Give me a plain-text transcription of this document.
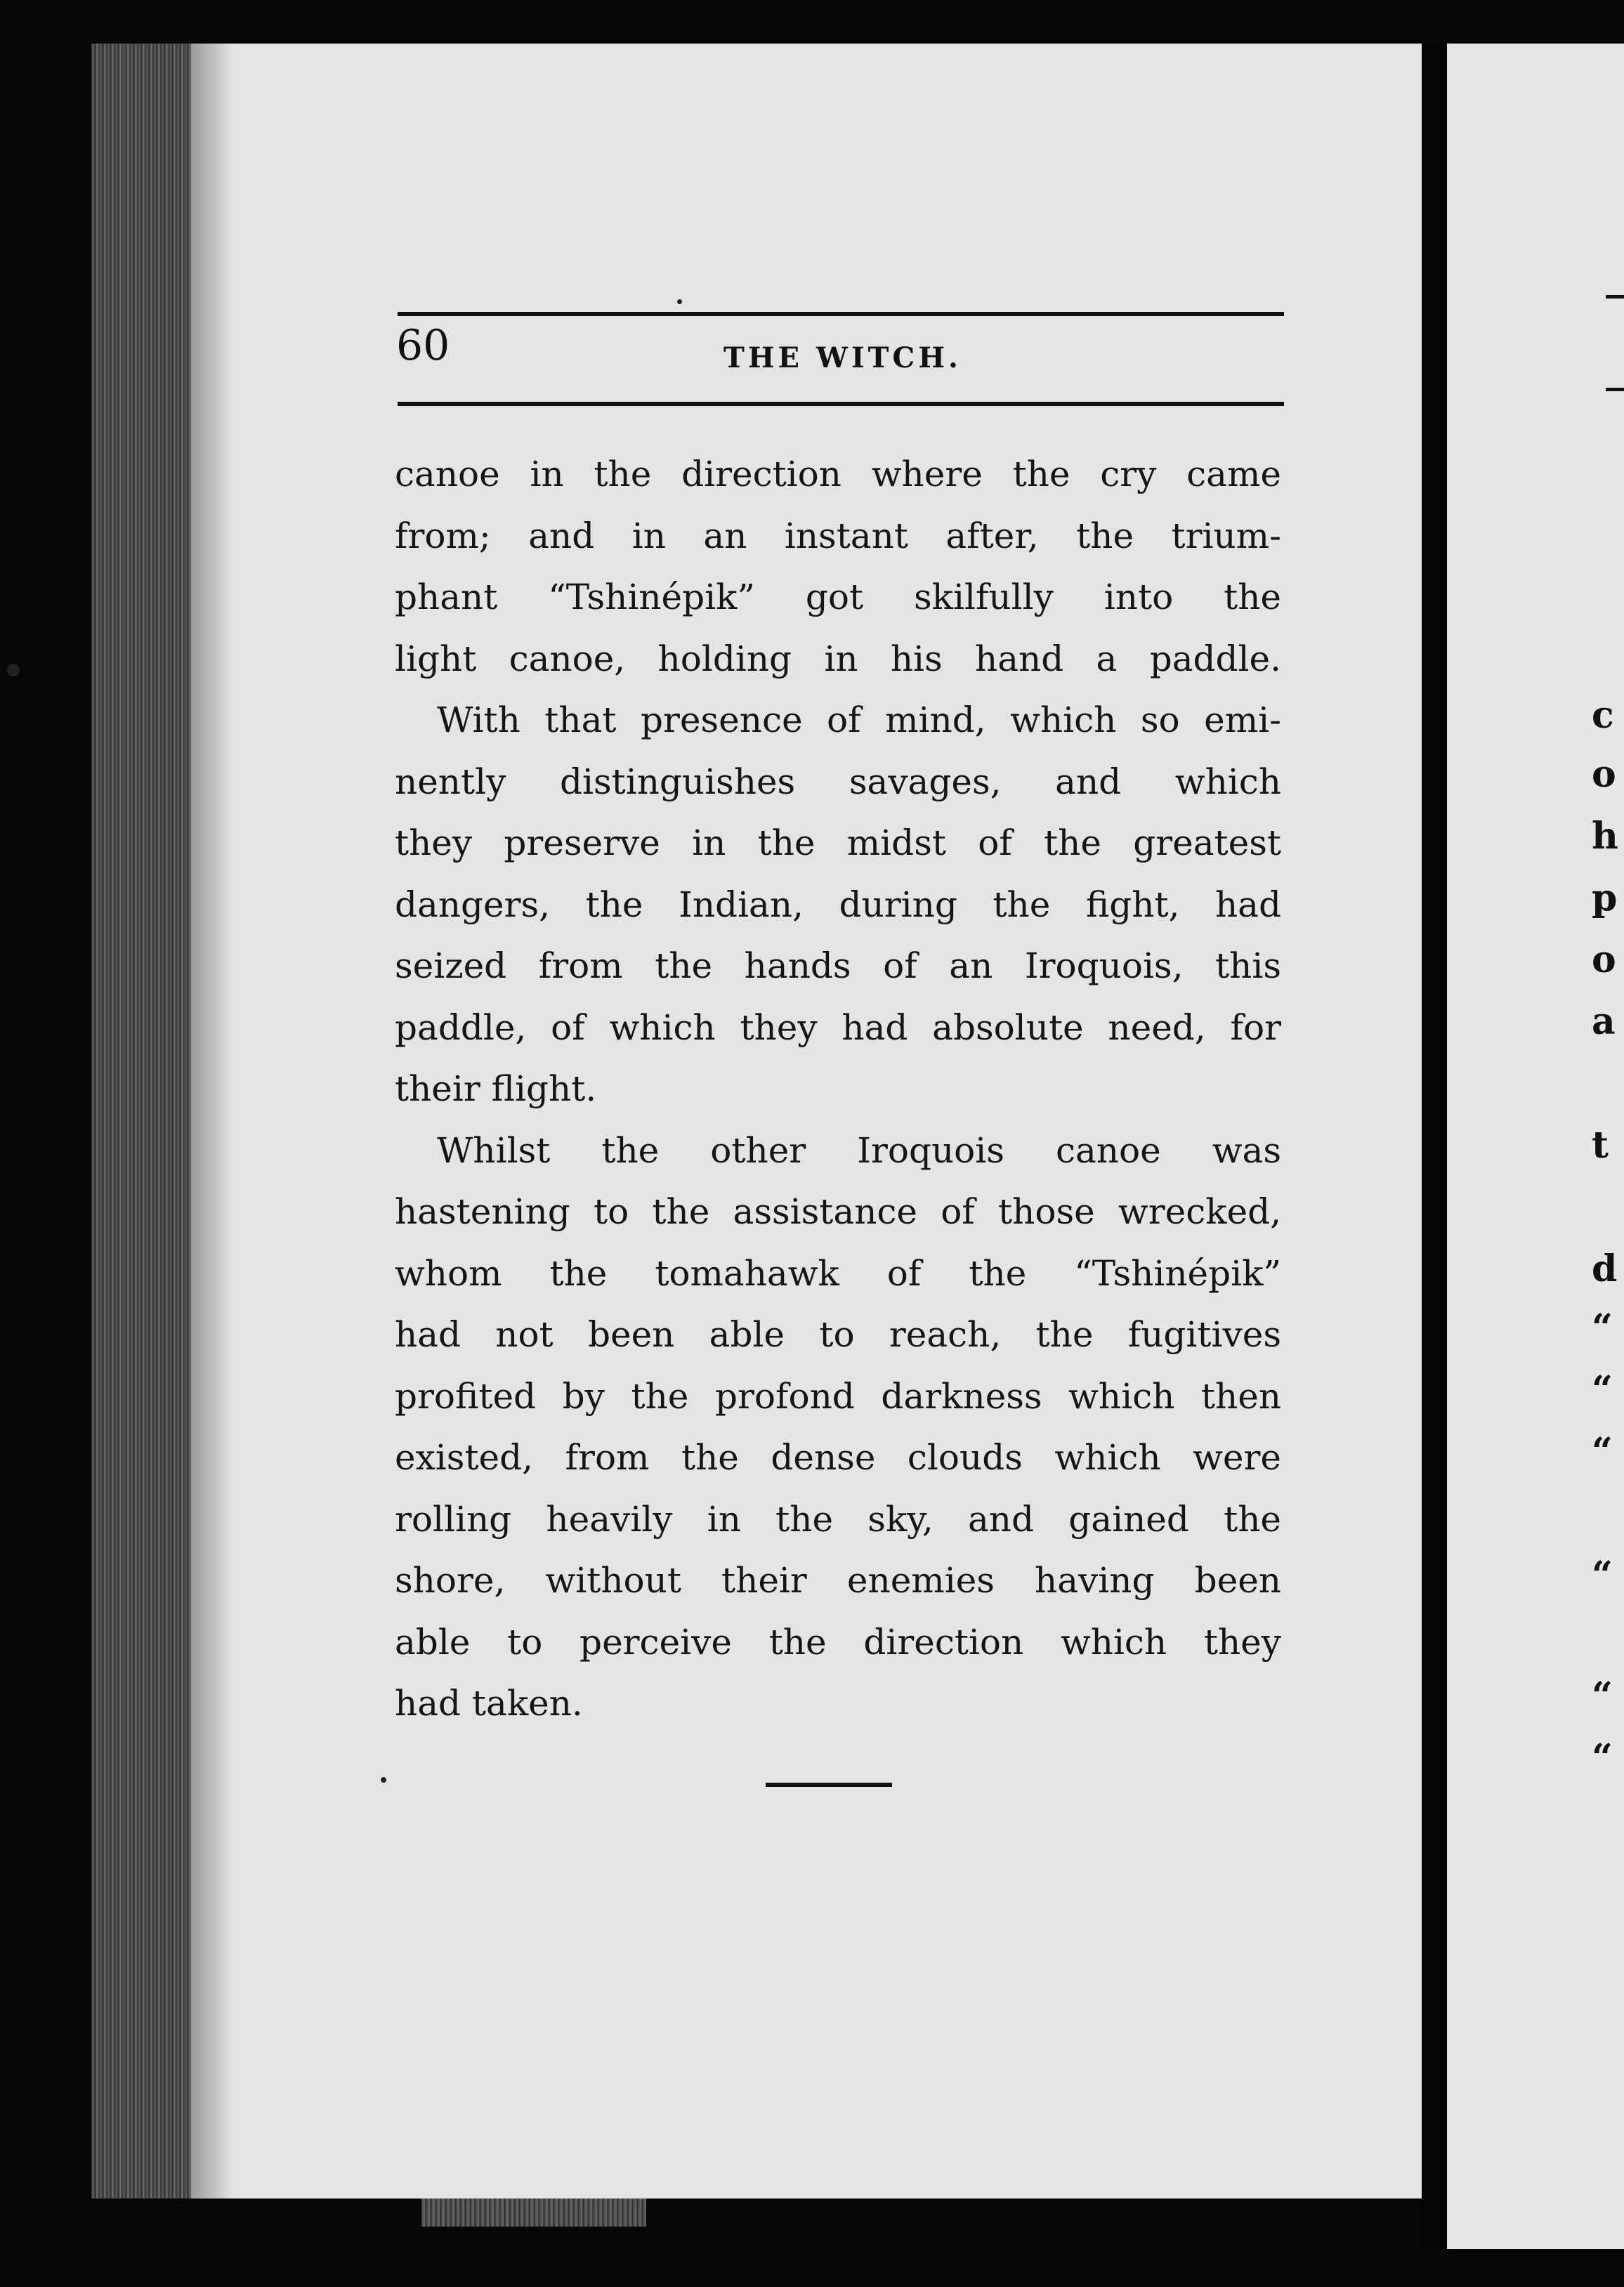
c
o
h
p
o
a
t
d
“
“
“
“
“
“
60	THE WITCH.
canoe in the direction where the cry came
from; and in an instant after, the trium-
phant “Tshinépik” got skilfully into the
light canoe, holding in his hand a paddle.
With that presence of mind, which so emi-
nently distinguishes savages, and which
they preserve in the midst of the greatest
dangers, the Indian, during the fight, had
seized from the hands of an Iroquois, this
paddle, of which they had absolute need, for
their flight.
Whilst the other Iroquois canoe was
hastening to the assistance of those wrecked,
whom the tomahawk of the “Tshinépik”
had not been able to reach, the fugitives
profited by the profond darkness which then
existed, from the dense clouds which were
rolling heavily in the sky, and gained the
shore, without their enemies having been
able to perceive the direction which they
had taken.
